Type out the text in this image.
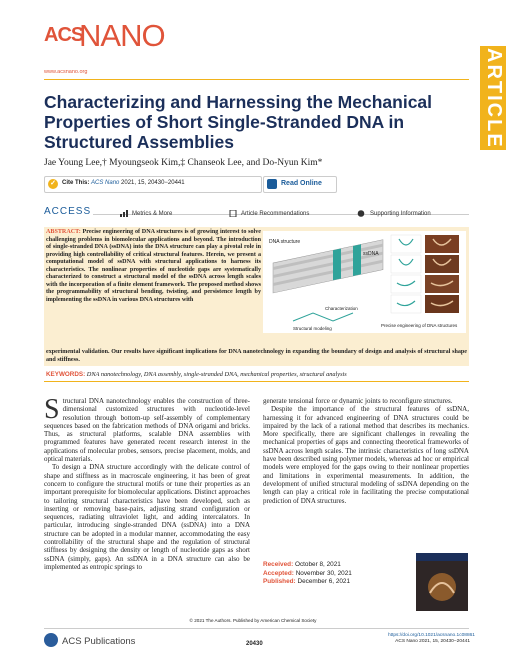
ACS
NANO
ARTICLE
www.acsnano.org
Characterizing and Harnessing the Mechanical Properties of Short Single-Stranded DNA in Structured Assemblies
Jae Young Lee,† Myoungseok Kim,‡ Chanseok Lee, and Do-Nyun Kim*
✓	Cite This: ACS Nano 2021, 15, 20430−20441	Read Online
ACCESS	Metrics & More	Article Recommendations	Supporting Information
ABSTRACT: Precise engineering of DNA structures is of growing interest to solve challenging problems in biomolecular applications and beyond. The introduction of single-stranded DNA (ssDNA) into the DNA structure can play a pivotal role in providing high controllability of critical structural features. Herein, we present a computational model of ssDNA with structural applications to harness its characteristics. The nonlinear properties of nucleotide gaps are systematically characterized to construct a structural model of the ssDNA across length scales with the incorporation of a finite element framework. The proposed method shows the programmability of structural bending, twisting, and persistence length by implementing the ssDNA in various DNA structures with
experimental validation. Our results have significant implications for DNA nanotechnology in expanding the boundary of design and analysis of structural shape and stiffness.
DNA structure
ssDNA
Characterization
Structural modeling
Precise engineering of DNA structures
KEYWORDS: DNA nanotechnology, DNA assembly, single-stranded DNA, mechanical properties, structural analysis
S tructural DNA nanotechnology enables the construction of three-dimensional customized structures with nucleotide-level resolution through bottom-up self-assembly of complementary sequences based on the fabrication methods of DNA origami and bricks. Thus, as structural platforms, scalable DNA assemblies with programmed features have generated recent research interest in the applications of molecular probes, sensors, precise placement, molds, and optical materials.
To design a DNA structure accordingly with the delicate control of shape and stiffness as in macroscale engineering, it has been of great concern to configure the structural motifs or tune their properties as an important prerequisite for biomolecular applications. Distinct approaches to tailoring structural characteristics have been developed, such as inserting or removing base-pairs, adjusting strand configuration or sequences, radiating ultraviolet light, and adding intercalators. In particular, introducing single-stranded DNA (ssDNA) into a DNA structure can be adopted in a modular manner, accommodating the easy controllability of the structural shape and the regulation of structural stiffness by designing the density or length of nucleotide gaps as short ssDNA (simply, gaps). An ssDNA in a DNA structure can also be implemented as entropic springs to
generate tensional force or dynamic joints to reconfigure structures.
Despite the importance of the structural features of ssDNA, harnessing it for advanced engineering of DNA structures could be impaired by the lack of a rational method that describes its mechanics. More specifically, there are significant challenges in revealing the mechanical properties of gaps and connecting theoretical frameworks of ssDNA across length scales. The intrinsic characteristics of long ssDNA have been described using polymer models, whereas ad hoc or empirical models were employed for the gaps owing to their nonlinear properties and limitations in experimental measurements. In addition, the development of unified structural modeling of ssDNA depending on the length can play a critical role in facilitating the precise computational prediction of DNA structures.
Received: October 8, 2021
Accepted: November 30, 2021
Published: December 6, 2021
© 2021 The Authors. Published by American Chemical Society
ACS Publications	20430
https://doi.org/10.1021/acsnano.1c08861
ACS Nano 2021, 15, 20430−20441
